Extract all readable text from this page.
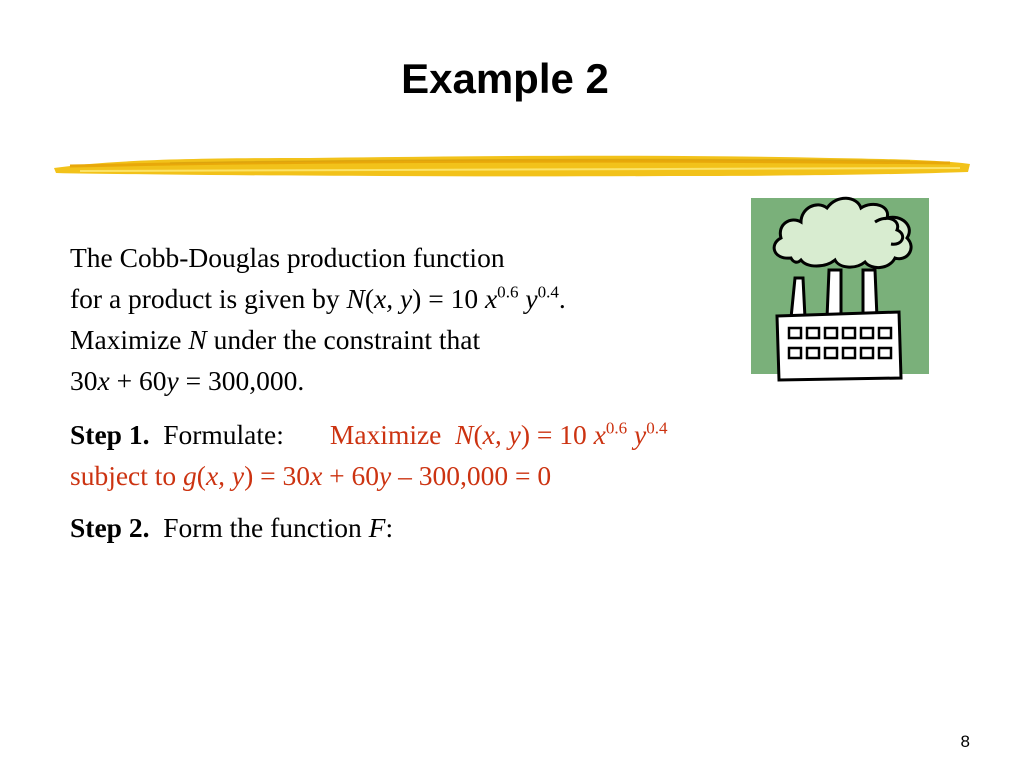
Example 2
The Cobb-Douglas production function
for a product is given by N(x, y) = 10 $x^{0.6}$ $y^{0.4}$.
Maximize N under the constraint that
30x + 60y = 300,000.
Step 1. Formulate: Maximize N(x, y) = 10 $x^{0.6}$ $y^{0.4}$
subject to g(x, y) = 30x + 60y – 300,000 = 0
Step 2. Form the function F:
8
